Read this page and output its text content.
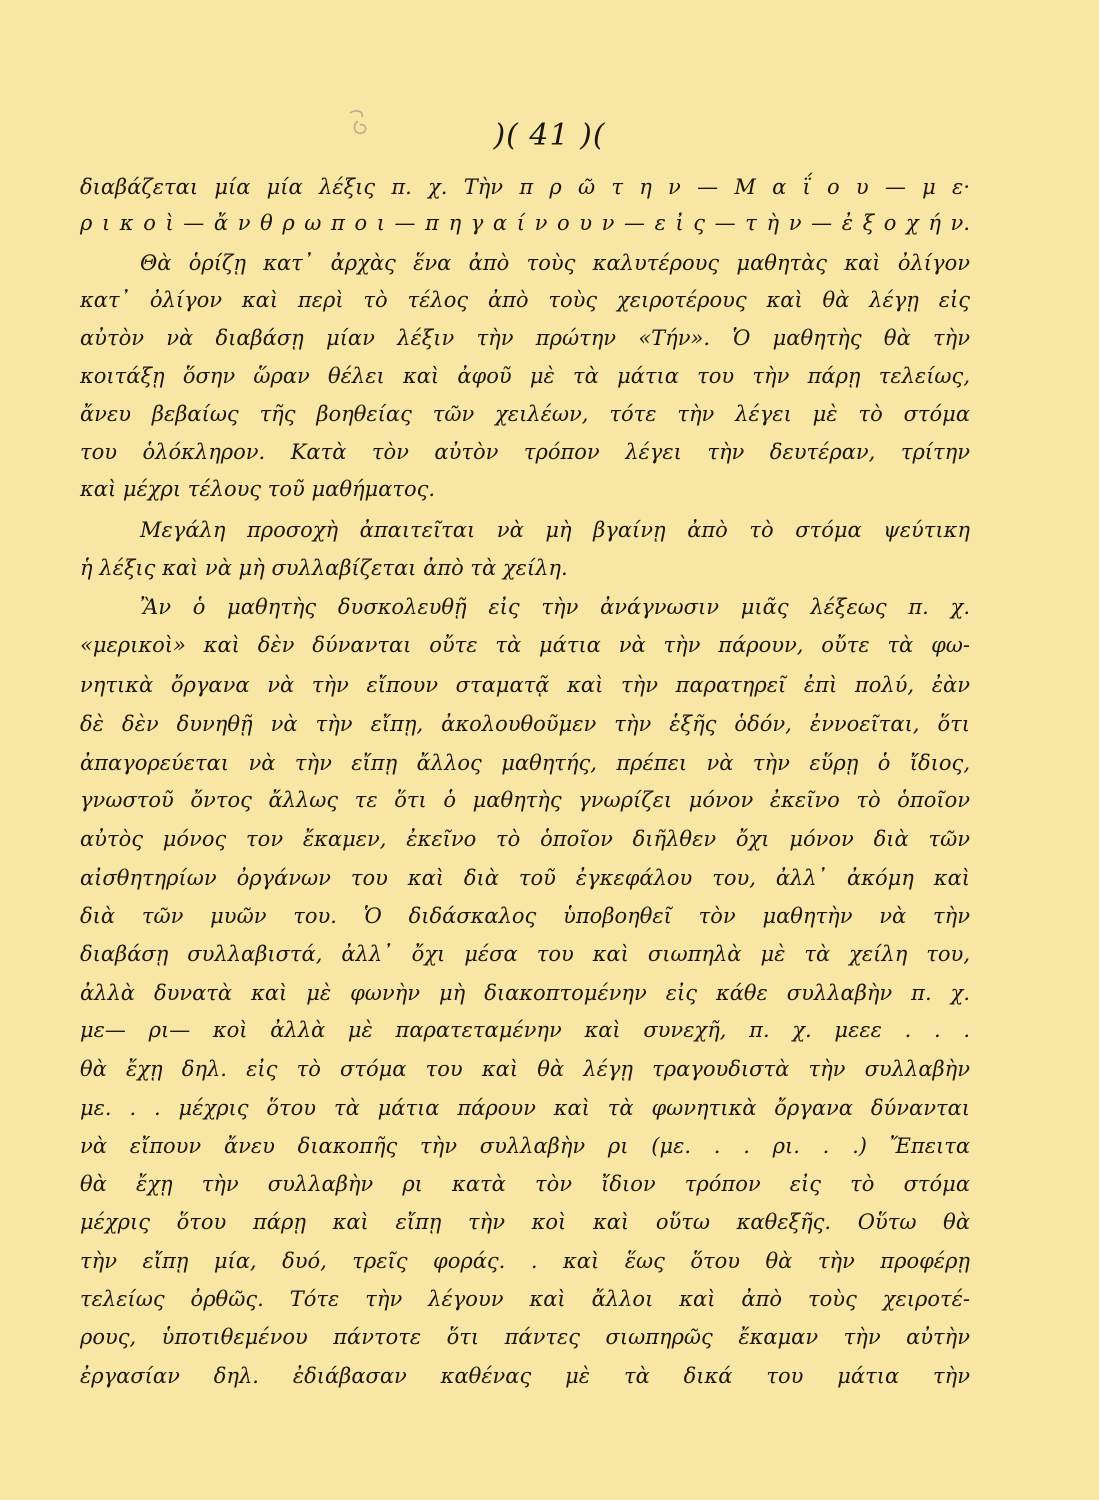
)( 41 )(
διαβάζεται μία μία λέξις π. χ. Τὴν π ρ ῶ τ η ν — Μ α ΐ ο υ — μ ε·
ρ ι κ ο ὶ — ἄ ν θ ρ ω π ο ι — π η γ α ί ν ο υ ν — ε ἰ ς — τ ὴ ν — ἐ ξ ο χ ή ν.
Θὰ ὁρίζῃ κατ᾿ ἀρχὰς ἕνα ἀπὸ τοὺς καλυτέρους μαθητὰς καὶ ὀλίγον
κατ᾿ ὀλίγον καὶ περὶ τὸ τέλος ἀπὸ τοὺς χειροτέρους καὶ θὰ λέγῃ εἰς
αὐτὸν νὰ διαβάσῃ μίαν λέξιν τὴν πρώτην «Τήν». Ὁ μαθητὴς θὰ τὴν
κοιτάξῃ ὅσην ὥραν θέλει καὶ ἀφοῦ μὲ τὰ μάτια του τὴν πάρῃ τελείως,
ἄνευ βεβαίως τῆς βοηθείας τῶν χειλέων, τότε τὴν λέγει μὲ τὸ στόμα
του ὁλόκληρον. Κατὰ τὸν αὐτὸν τρόπον λέγει τὴν δευτέραν, τρίτην
καὶ μέχρι τέλους τοῦ μαθήματος.
Μεγάλη προσοχὴ ἀπαιτεῖται νὰ μὴ βγαίνῃ ἀπὸ τὸ στόμα ψεύτικη
ἡ λέξις καὶ νὰ μὴ συλλαβίζεται ἀπὸ τὰ χείλη.
Ἂν ὁ μαθητὴς δυσκολευθῇ εἰς τὴν ἀνάγνωσιν μιᾶς λέξεως π. χ.
«μερικοὶ» καὶ δὲν δύνανται οὔτε τὰ μάτια νὰ τὴν πάρουν, οὔτε τὰ φω-
νητικὰ ὄργανα νὰ τὴν εἴπουν σταματᾷ καὶ τὴν παρατηρεῖ ἐπὶ πολύ, ἐὰν
δὲ δὲν δυνηθῇ νὰ τὴν εἴπῃ, ἀκολουθοῦμεν τὴν ἑξῆς ὁδόν, ἐννοεῖται, ὅτι
ἀπαγορεύεται νὰ τὴν εἴπῃ ἄλλος μαθητής, πρέπει νὰ τὴν εὕρῃ ὁ ἴδιος,
γνωστοῦ ὄντος ἄλλως τε ὅτι ὁ μαθητὴς γνωρίζει μόνον ἐκεῖνο τὸ ὁποῖον
αὐτὸς μόνος τον ἔκαμεν, ἐκεῖνο τὸ ὁποῖον διῆλθεν ὄχι μόνον διὰ τῶν
αἰσθητηρίων ὀργάνων του καὶ διὰ τοῦ ἐγκεφάλου του, ἀλλ᾿ ἀκόμη καὶ
διὰ τῶν μυῶν του. Ὁ διδάσκαλος ὑποβοηθεῖ τὸν μαθητὴν νὰ τὴν
διαβάσῃ συλλαβιστά, ἀλλ᾿ ὄχι μέσα του καὶ σιωπηλὰ μὲ τὰ χείλη του,
ἀλλὰ δυνατὰ καὶ μὲ φωνὴν μὴ διακοπτομένην εἰς κάθε συλλαβὴν π. χ.
με— ρι— κοὶ ἀλλὰ μὲ παρατεταμένην καὶ συνεχῆ, π. χ. μεεε . . .
θὰ ἔχῃ δηλ. εἰς τὸ στόμα του καὶ θὰ λέγῃ τραγουδιστὰ τὴν συλλαβὴν
με. . . μέχρις ὅτου τὰ μάτια πάρουν καὶ τὰ φωνητικὰ ὄργανα δύνανται
νὰ εἴπουν ἄνευ διακοπῆς τὴν συλλαβὴν ρι (με. . . ρι. . .) Ἔπειτα
θὰ ἔχῃ τὴν συλλαβὴν ρι κατὰ τὸν ἴδιον τρόπον εἰς τὸ στόμα
μέχρις ὅτου πάρῃ καὶ εἴπῃ τὴν κοὶ καὶ οὕτω καθεξῆς. Οὕτω θὰ
τὴν εἴπῃ μία, δυό, τρεῖς φοράς. . καὶ ἕως ὅτου θὰ τὴν προφέρῃ
τελείως ὀρθῶς. Τότε τὴν λέγουν καὶ ἄλλοι καὶ ἀπὸ τοὺς χειροτέ-
ρους, ὑποτιθεμένου πάντοτε ὅτι πάντες σιωπηρῶς ἔκαμαν τὴν αὐτὴν
ἐργασίαν δηλ. ἐδιάβασαν καθένας μὲ τὰ δικά του μάτια τὴν
